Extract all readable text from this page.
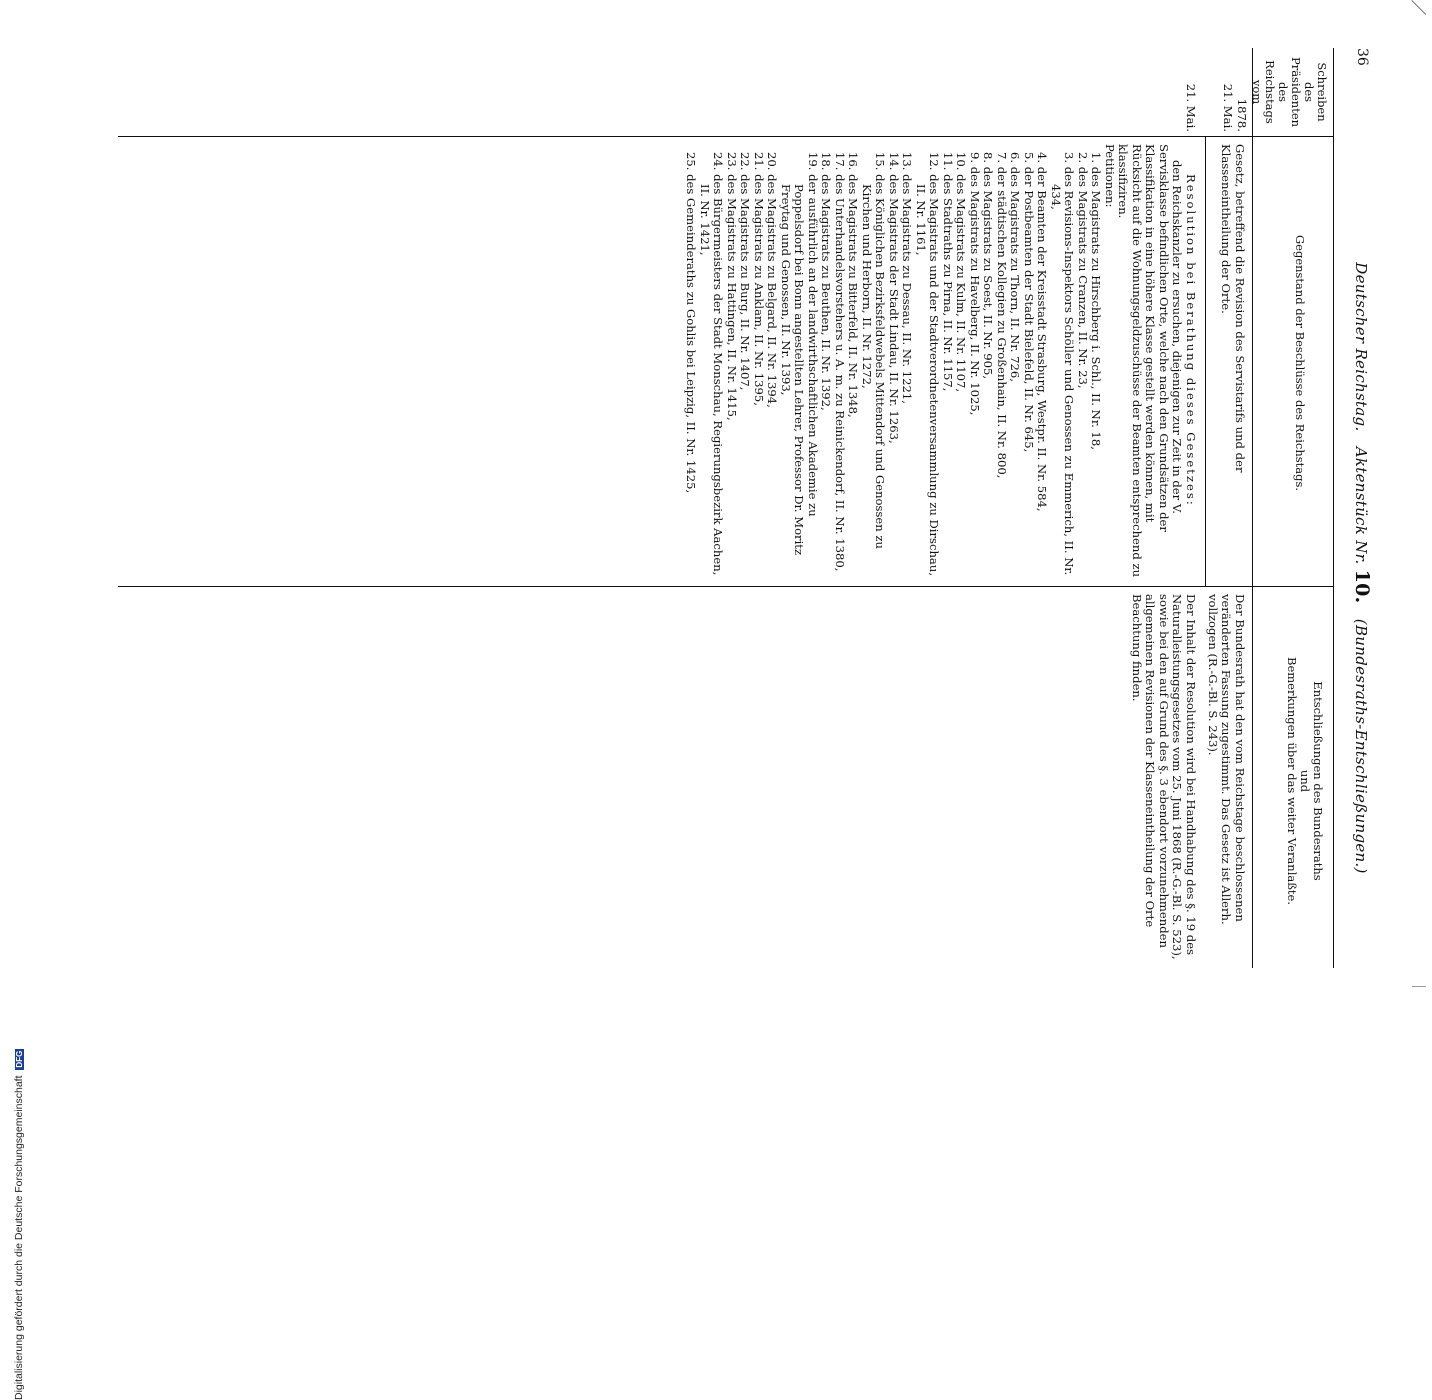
36
Deutscher Reichstag.   Aktenstück Nr. 10.   (Bundesraths-Entschließungen.)
Schreiben des Präsidenten des Reichstags vom
Gegenstand der Beschlüsse des Reichstags.
Entschließungen des Bundesraths
und
Bemerkungen über das weiter Veranlaßte.
1878.
21. Mai.
Gesetz, betreffend die Revision des Servistarifs und der Klasseneintheilung der Orte.
Der Bundesrath hat den vom Reichstage beschlossenen veränderten Fassung zugestimmt. Das Gesetz ist Allerh. vollzogen (R.-G.-Bl. S. 243).
21. Mai.

Resolution bei Berathung dieses Gesetzes:

den Reichskanzler zu ersuchen, diejenigen zur Zeit in der V. Servisklasse befindlichen Orte, welche nach den Grundsätzen der Klassifikation in eine höhere Klasse gestellt werden können, mit Rücksicht auf die Wohnungsgeldzuschüsse der Beamten entsprechend zu klassifiziren.

Petitionen:

1. des Magistrats zu Hirschberg i. Schl., II. Nr. 18,
2. des Magistrats zu Cranzen, II. Nr. 23,
3. des Revisions-Inspektors Schöller und Genossen zu Emmerich, II. Nr. 434,
4. der Beamten der Kreisstadt Strasburg, Westpr. II. Nr. 584,
5. der Postbeamten der Stadt Bielefeld, II. Nr. 645,
6. des Magistrats zu Thorn, II. Nr. 726,
7. der städtischen Kollegien zu Großenhain, II. Nr. 800,
8. des Magistrats zu Soest, II. Nr. 905,
9. des Magistrats zu Havelberg, II. Nr. 1025,
10. des Magistrats zu Kulm, II. Nr. 1107,
11. des Stadtraths zu Pirna, II. Nr. 1157,
12. des Magistrats und der Stadtverordnetenversammlung zu Dirschau, II. Nr. 1161,
13. des Magistrats zu Dessau, II. Nr. 1221,
14. des Magistrats der Stadt Lindau, II. Nr. 1263,
15. des Königlichen Bezirksfeldwebels Mittendorf und Genossen zu Kirchen und Herborn, II. Nr. 1272,
16. des Magistrats zu Bitterfeld, II. Nr. 1348,
17. des Unterhandelsvorstehers u. A. m. zu Reinickendorf, II. Nr. 1380,
18. des Magistrats zu Beuthen, II. Nr. 1392,
19. der ausführlich an der landwirthschaftlichen Akademie zu Poppelsdorf bei Bonn angestellten Lehrer, Professor Dr. Moritz Freytag und Genossen, II. Nr. 1393,
20. des Magistrats zu Belgard, II. Nr. 1394,
21. des Magistrats zu Anklam, II. Nr. 1395,
22. des Magistrats zu Burg, II. Nr. 1407,
23. des Magistrats zu Hattingen, II. Nr. 1415,
24. des Bürgermeisters der Stadt Monschau, Regierungsbezirk Aachen, II. Nr. 1421,
25. des Gemeinderaths zu Gohlis bei Leipzig, II. Nr. 1425,
Der Inhalt der Resolution wird bei Handhabung des §. 19 des Naturalleistungsgesetzes vom 25. Juni 1868 (R.-G.-Bl. S. 523), sowie bei den auf Grund des §. 3 ebendort vorzunehmenden allgemeinen Revisionen der Klasseneintheilung der Orte Beachtung finden.
Digitalisierung gefördert durch die Deutsche Forschungsgemeinschaft DFG
